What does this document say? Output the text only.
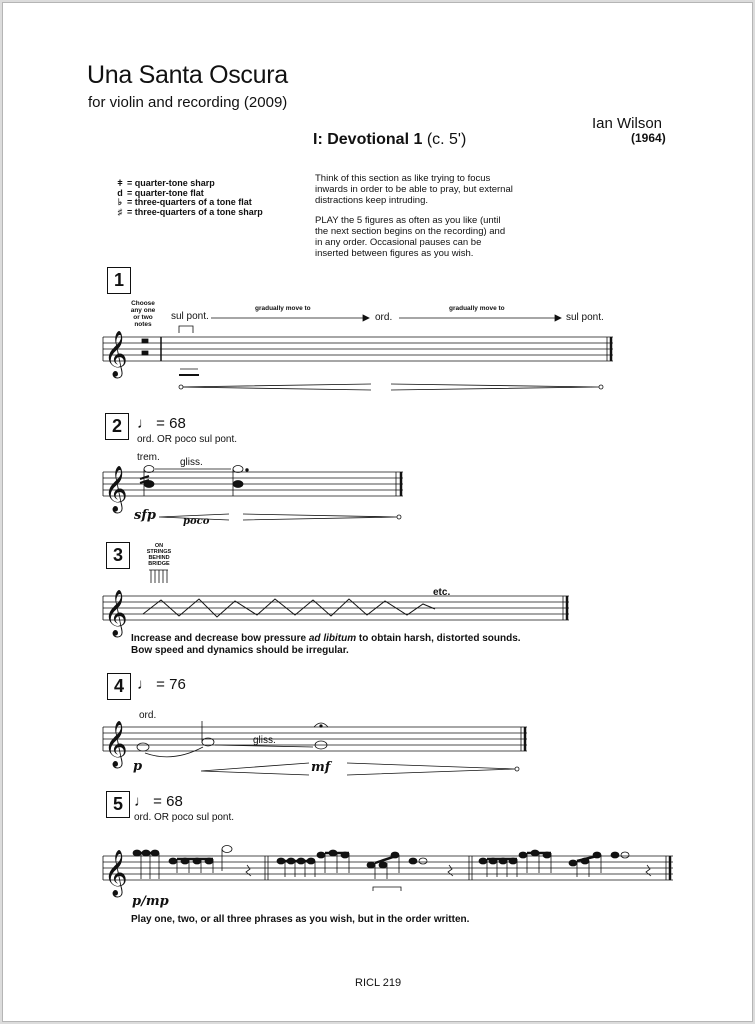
Una Santa Oscura
for violin and recording (2009)
Ian Wilson
(1964)
I: Devotional 1 (c. 5')
ǂ = quarter-tone sharp
d = quarter-tone flat
♭ = three-quarters of a tone flat
♯ = three-quarters of a tone sharp

Think of this section as like trying to focus inwards in order to be able to pray, but external distractions keep intruding.

PLAY the 5 figures as often as you like (until the next section begins on the recording) and in any order. Occasional pauses can be inserted between figures as you wish.

𝄞
𝄞
𝄞
𝄞
𝄞
1
Choose any one or two notes
sul pont.
gradually move to
ord.
gradually move to
sul pont.
2	♩ = 68
ord. OR poco sul pont.
trem. gliss.
sfp	poco
3	ON STRINGS BEHIND BRIDGE
etc.
Increase and decrease bow pressure ad libitum to obtain harsh, distorted sounds.
Bow speed and dynamics should be irregular.
4 ♩ = 76
ord.
gliss.
p	mf
5 ♩ = 68
ord. OR poco sul pont.
p/mp
Play one, two, or all three phrases as you wish, but in the order written.
RICL 219
